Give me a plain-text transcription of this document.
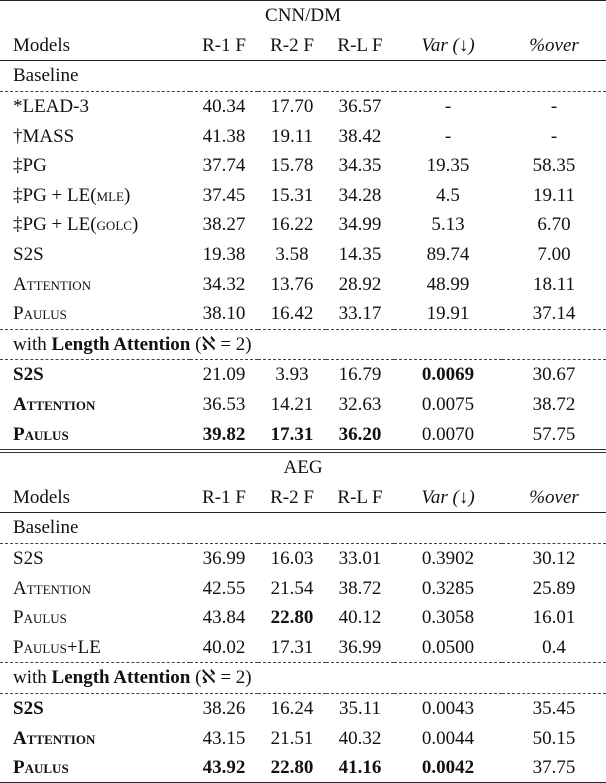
CNN/DM					
Models	R-1 F	R-2 F	R-L F	Var (↓)	%over
Baseline					
*LEAD-3	40.34	17.70	36.57	-	-
†MASS	41.38	19.11	38.42	-	-
‡PG	37.74	15.78	34.35	19.35	58.35
‡PG + LE(mle)	37.45	15.31	34.28	4.5	19.11
‡PG + LE(golc)	38.27	16.22	34.99	5.13	6.70
S2S	19.38	3.58	14.35	89.74	7.00
Attention	34.32	13.76	28.92	48.99	18.11
Paulus	38.10	16.42	33.17	19.91	37.14
with Length Attention (ℵ = 2)					
S2S	21.09	3.93	16.79	0.0069	30.67
Attention	36.53	14.21	32.63	0.0075	38.72
Paulus	39.82	17.31	36.20	0.0070	57.75
AEG					
Models	R-1 F	R-2 F	R-L F	Var (↓)	%over
Baseline					
S2S	36.99	16.03	33.01	0.3902	30.12
Attention	42.55	21.54	38.72	0.3285	25.89
Paulus	43.84	22.80	40.12	0.3058	16.01
Paulus+LE	40.02	17.31	36.99	0.0500	0.4
with Length Attention (ℵ = 2)					
S2S	38.26	16.24	35.11	0.0043	35.45
Attention	43.15	21.51	40.32	0.0044	50.15
Paulus	43.92	22.80	41.16	0.0042	37.75
